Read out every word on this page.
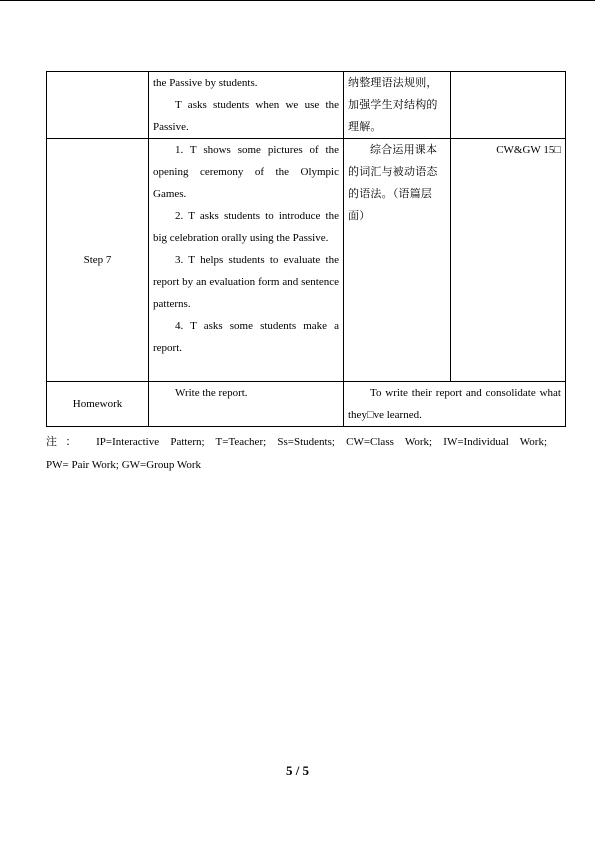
	the Passive by students.

T asks students when we use the Passive.	纳整理语法规则，加强学生对结构的理解。	

Step 7	1. T shows some pictures of the opening ceremony of the Olympic Games.

2. T asks students to introduce the big celebration orally using the Passive.

3. T helps students to evaluate the report by an evaluation form and sentence patterns.

4. T asks some students make a report.	综合运用课本的词汇与被动语态的语法。（语篇层面）	CW&GW 15□

Homework	Write the report.	To write their report and consolidate what they□ve learned.	

注： IP=Interactive Pattern; T=Teacher; Ss=Students; CW=Class Work; IW=Individual Work;
PW= Pair Work; GW=Group Work
5 / 5
